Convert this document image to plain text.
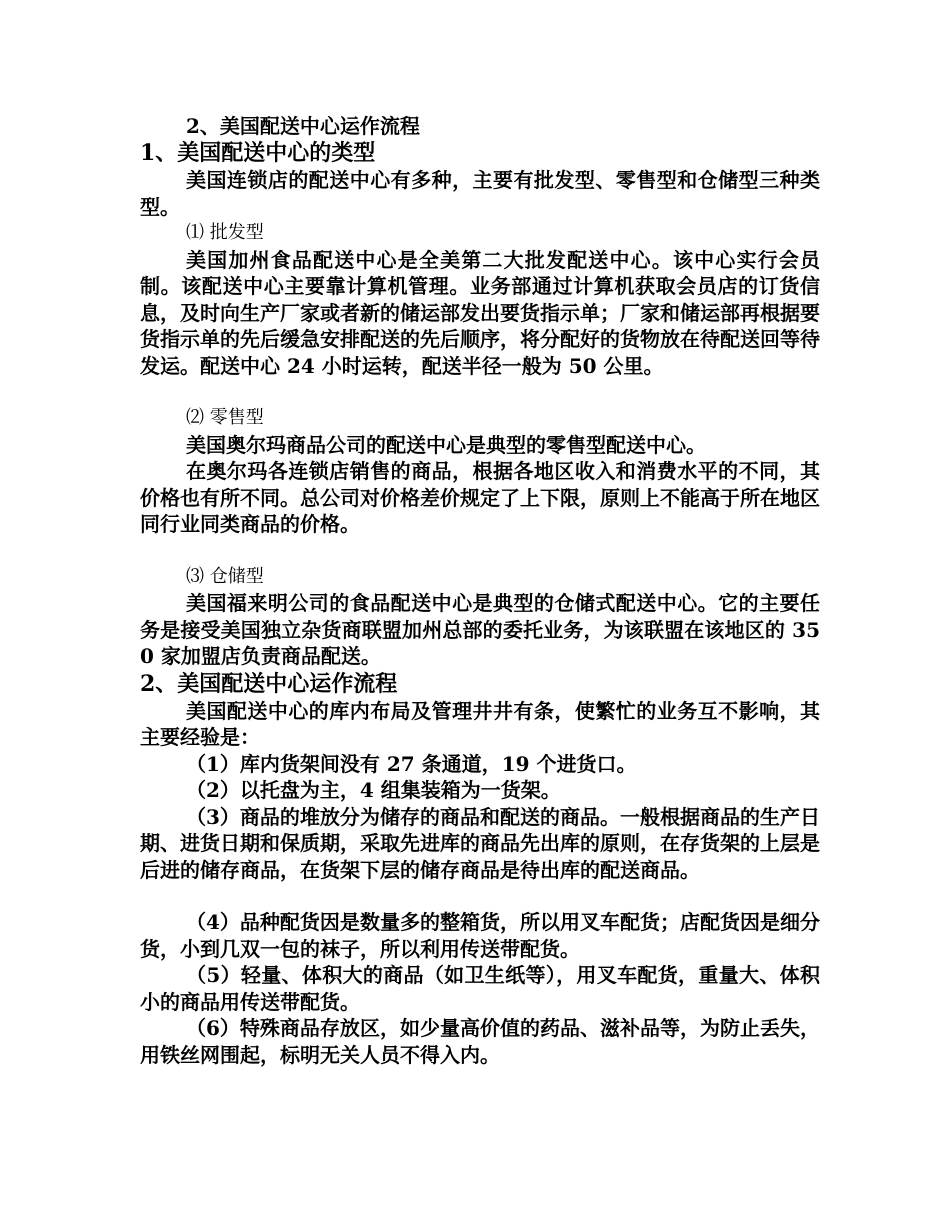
2、美国配送中心运作流程

1、美国配送中心的类型

美国连锁店的配送中心有多种，主要有批发型、零售型和仓储型三种类型。

⑴ 批发型

美国加州食品配送中心是全美第二大批发配送中心。该中心实行会员制。该配送中心主要靠计算机管理。业务部通过计算机获取会员店的订货信息，及时向生产厂家或者新的储运部发出要货指示单；厂家和储运部再根据要货指示单的先后缓急安排配送的先后顺序，将分配好的货物放在待配送回等待发运。配送中心 24 小时运转，配送半径一般为 50 公里。

⑵ 零售型

美国奥尔玛商品公司的配送中心是典型的零售型配送中心。

在奥尔玛各连锁店销售的商品，根据各地区收入和消费水平的不同，其价格也有所不同。总公司对价格差价规定了上下限，原则上不能高于所在地区同行业同类商品的价格。

⑶ 仓储型

美国福来明公司的食品配送中心是典型的仓储式配送中心。它的主要任务是接受美国独立杂货商联盟加州总部的委托业务，为该联盟在该地区的 350 家加盟店负责商品配送。

2、美国配送中心运作流程

美国配送中心的库内布局及管理井井有条，使繁忙的业务互不影响，其主要经验是：

（1）库内货架间没有 27 条通道，19 个进货口。

（2）以托盘为主，4 组集装箱为一货架。

（3）商品的堆放分为储存的商品和配送的商品。一般根据商品的生产日期、进货日期和保质期，采取先进库的商品先出库的原则，在存货架的上层是后进的储存商品，在货架下层的储存商品是待出库的配送商品。

（4）品种配货因是数量多的整箱货，所以用叉车配货；店配货因是细分货，小到几双一包的袜子，所以利用传送带配货。

（5）轻量、体积大的商品（如卫生纸等），用叉车配货，重量大、体积小的商品用传送带配货。

（6）特殊商品存放区，如少量高价值的药品、滋补品等，为防止丢失，用铁丝网围起，标明无关人员不得入内。
